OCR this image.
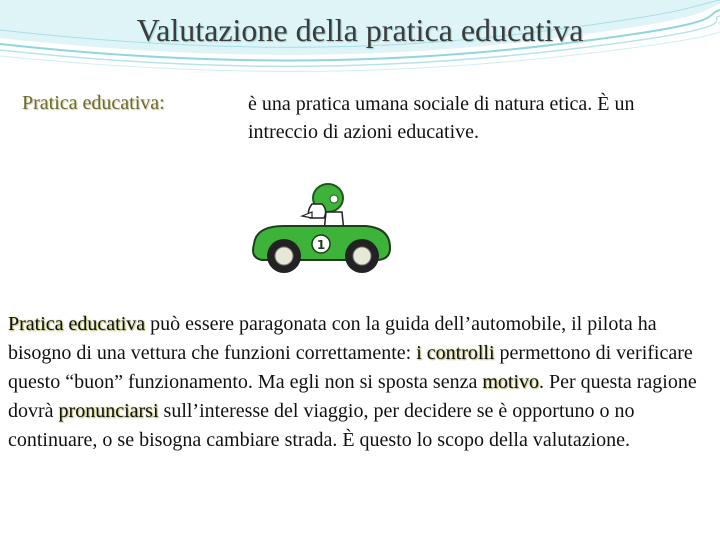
Valutazione della pratica educativa
Pratica educativa:	è una pratica umana sociale di natura etica. È un intreccio di azioni educative.
1

Pratica educativa può essere paragonata con la guida dell’automobile, il pilota ha bisogno di una vettura che funzioni correttamente: i controlli permettono di verificare questo “buon” funzionamento. Ma egli non si sposta senza motivo. Per questa ragione dovrà pronunciarsi sull’interesse del viaggio, per decidere se è opportuno o no continuare, o se bisogna cambiare strada. È questo lo scopo della valutazione.
